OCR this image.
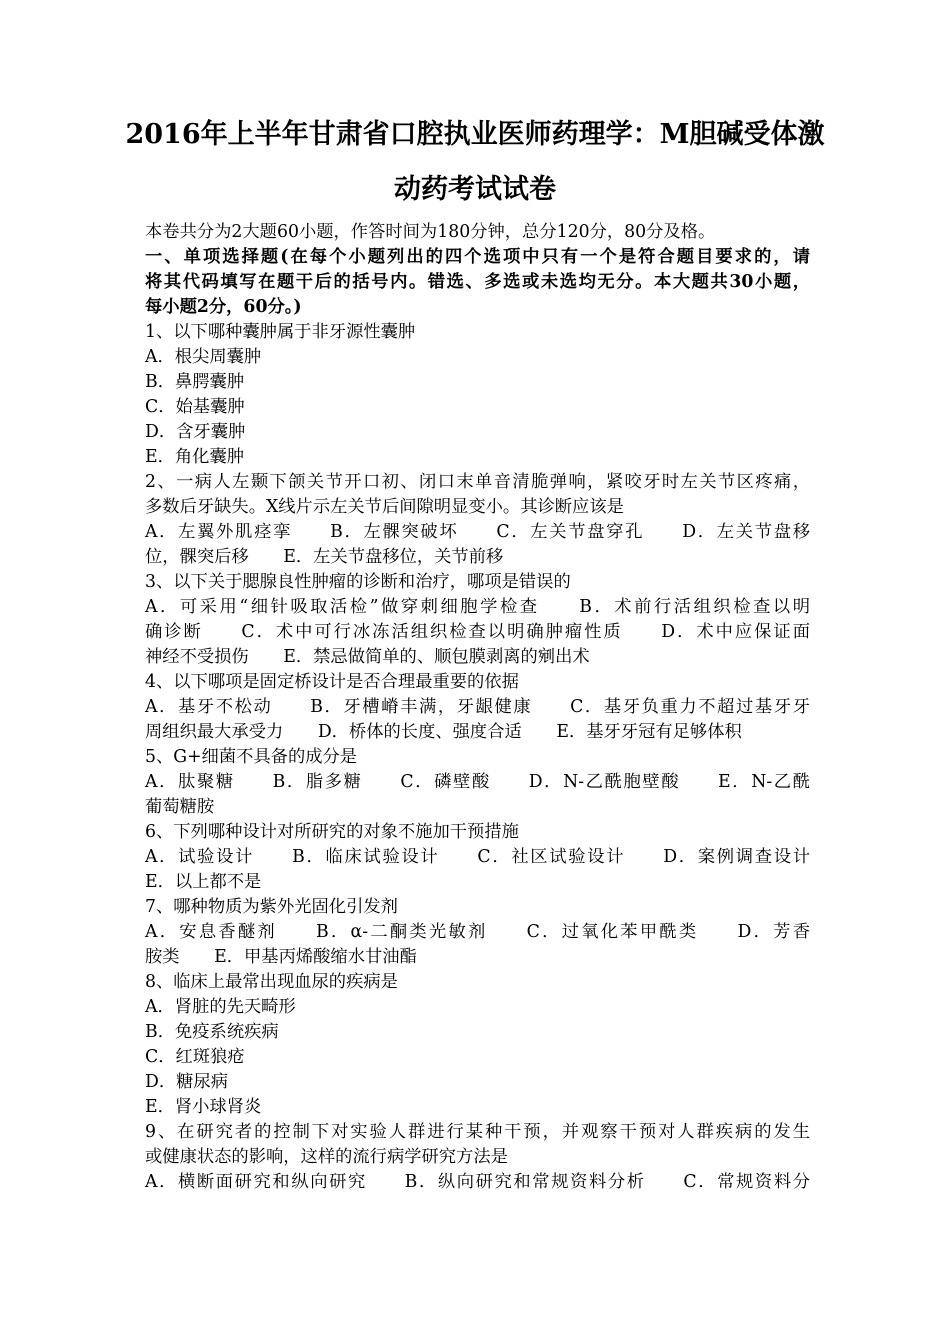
2016年上半年甘肃省口腔执业医师药理学：M胆碱受体激
动药考试试卷
本卷共分为2大题60小题，作答时间为180分钟，总分120分，80分及格。
一、单项选择题(在每个小题列出的四个选项中只有一个是符合题目要求的，请
将其代码填写在题干后的括号内。错选、多选或未选均无分。本大题共30小题，
每小题2分，60分。)
1、以下哪种囊肿属于非牙源性囊肿
A．根尖周囊肿
B．鼻腭囊肿
C．始基囊肿
D．含牙囊肿
E．角化囊肿
2、一病人左颞下颌关节开口初、闭口末单音清脆弹响，紧咬牙时左关节区疼痛，
多数后牙缺失。X线片示左关节后间隙明显变小。其诊断应该是
A．左翼外肌痉挛　　B．左髁突破坏　　C．左关节盘穿孔　　D．左关节盘移
位，髁突后移　　E．左关节盘移位，关节前移
3、以下关于腮腺良性肿瘤的诊断和治疗，哪项是错误的
A．可采用“细针吸取活检”做穿刺细胞学检查　　B．术前行活组织检查以明
确诊断　　C．术中可行冰冻活组织检查以明确肿瘤性质　　D．术中应保证面
神经不受损伤　　E．禁忌做简单的、顺包膜剥离的剜出术
4、以下哪项是固定桥设计是否合理最重要的依据
A．基牙不松动　　B．牙槽嵴丰满，牙龈健康　　C．基牙负重力不超过基牙牙
周组织最大承受力　　D．桥体的长度、强度合适　　E．基牙牙冠有足够体积
5、G+细菌不具备的成分是
A．肽聚糖　　B．脂多糖　　C．磷壁酸　　D．N-乙酰胞壁酸　　E．N-乙酰
葡萄糖胺
6、下列哪种设计对所研究的对象不施加干预措施
A．试验设计　　B．临床试验设计　　C．社区试验设计　　D．案例调查设计
E．以上都不是
7、哪种物质为紫外光固化引发剂
A．安息香醚剂　　B．α-二酮类光敏剂　　C．过氧化苯甲酰类　　D．芳香
胺类　　E．甲基丙烯酸缩水甘油酯
8、临床上最常出现血尿的疾病是
A．肾脏的先天畸形
B．免疫系统疾病
C．红斑狼疮
D．糖尿病
E．肾小球肾炎
9、在研究者的控制下对实验人群进行某种干预，并观察干预对人群疾病的发生
或健康状态的影响，这样的流行病学研究方法是
A．横断面研究和纵向研究　　B．纵向研究和常规资料分析　　C．常规资料分
